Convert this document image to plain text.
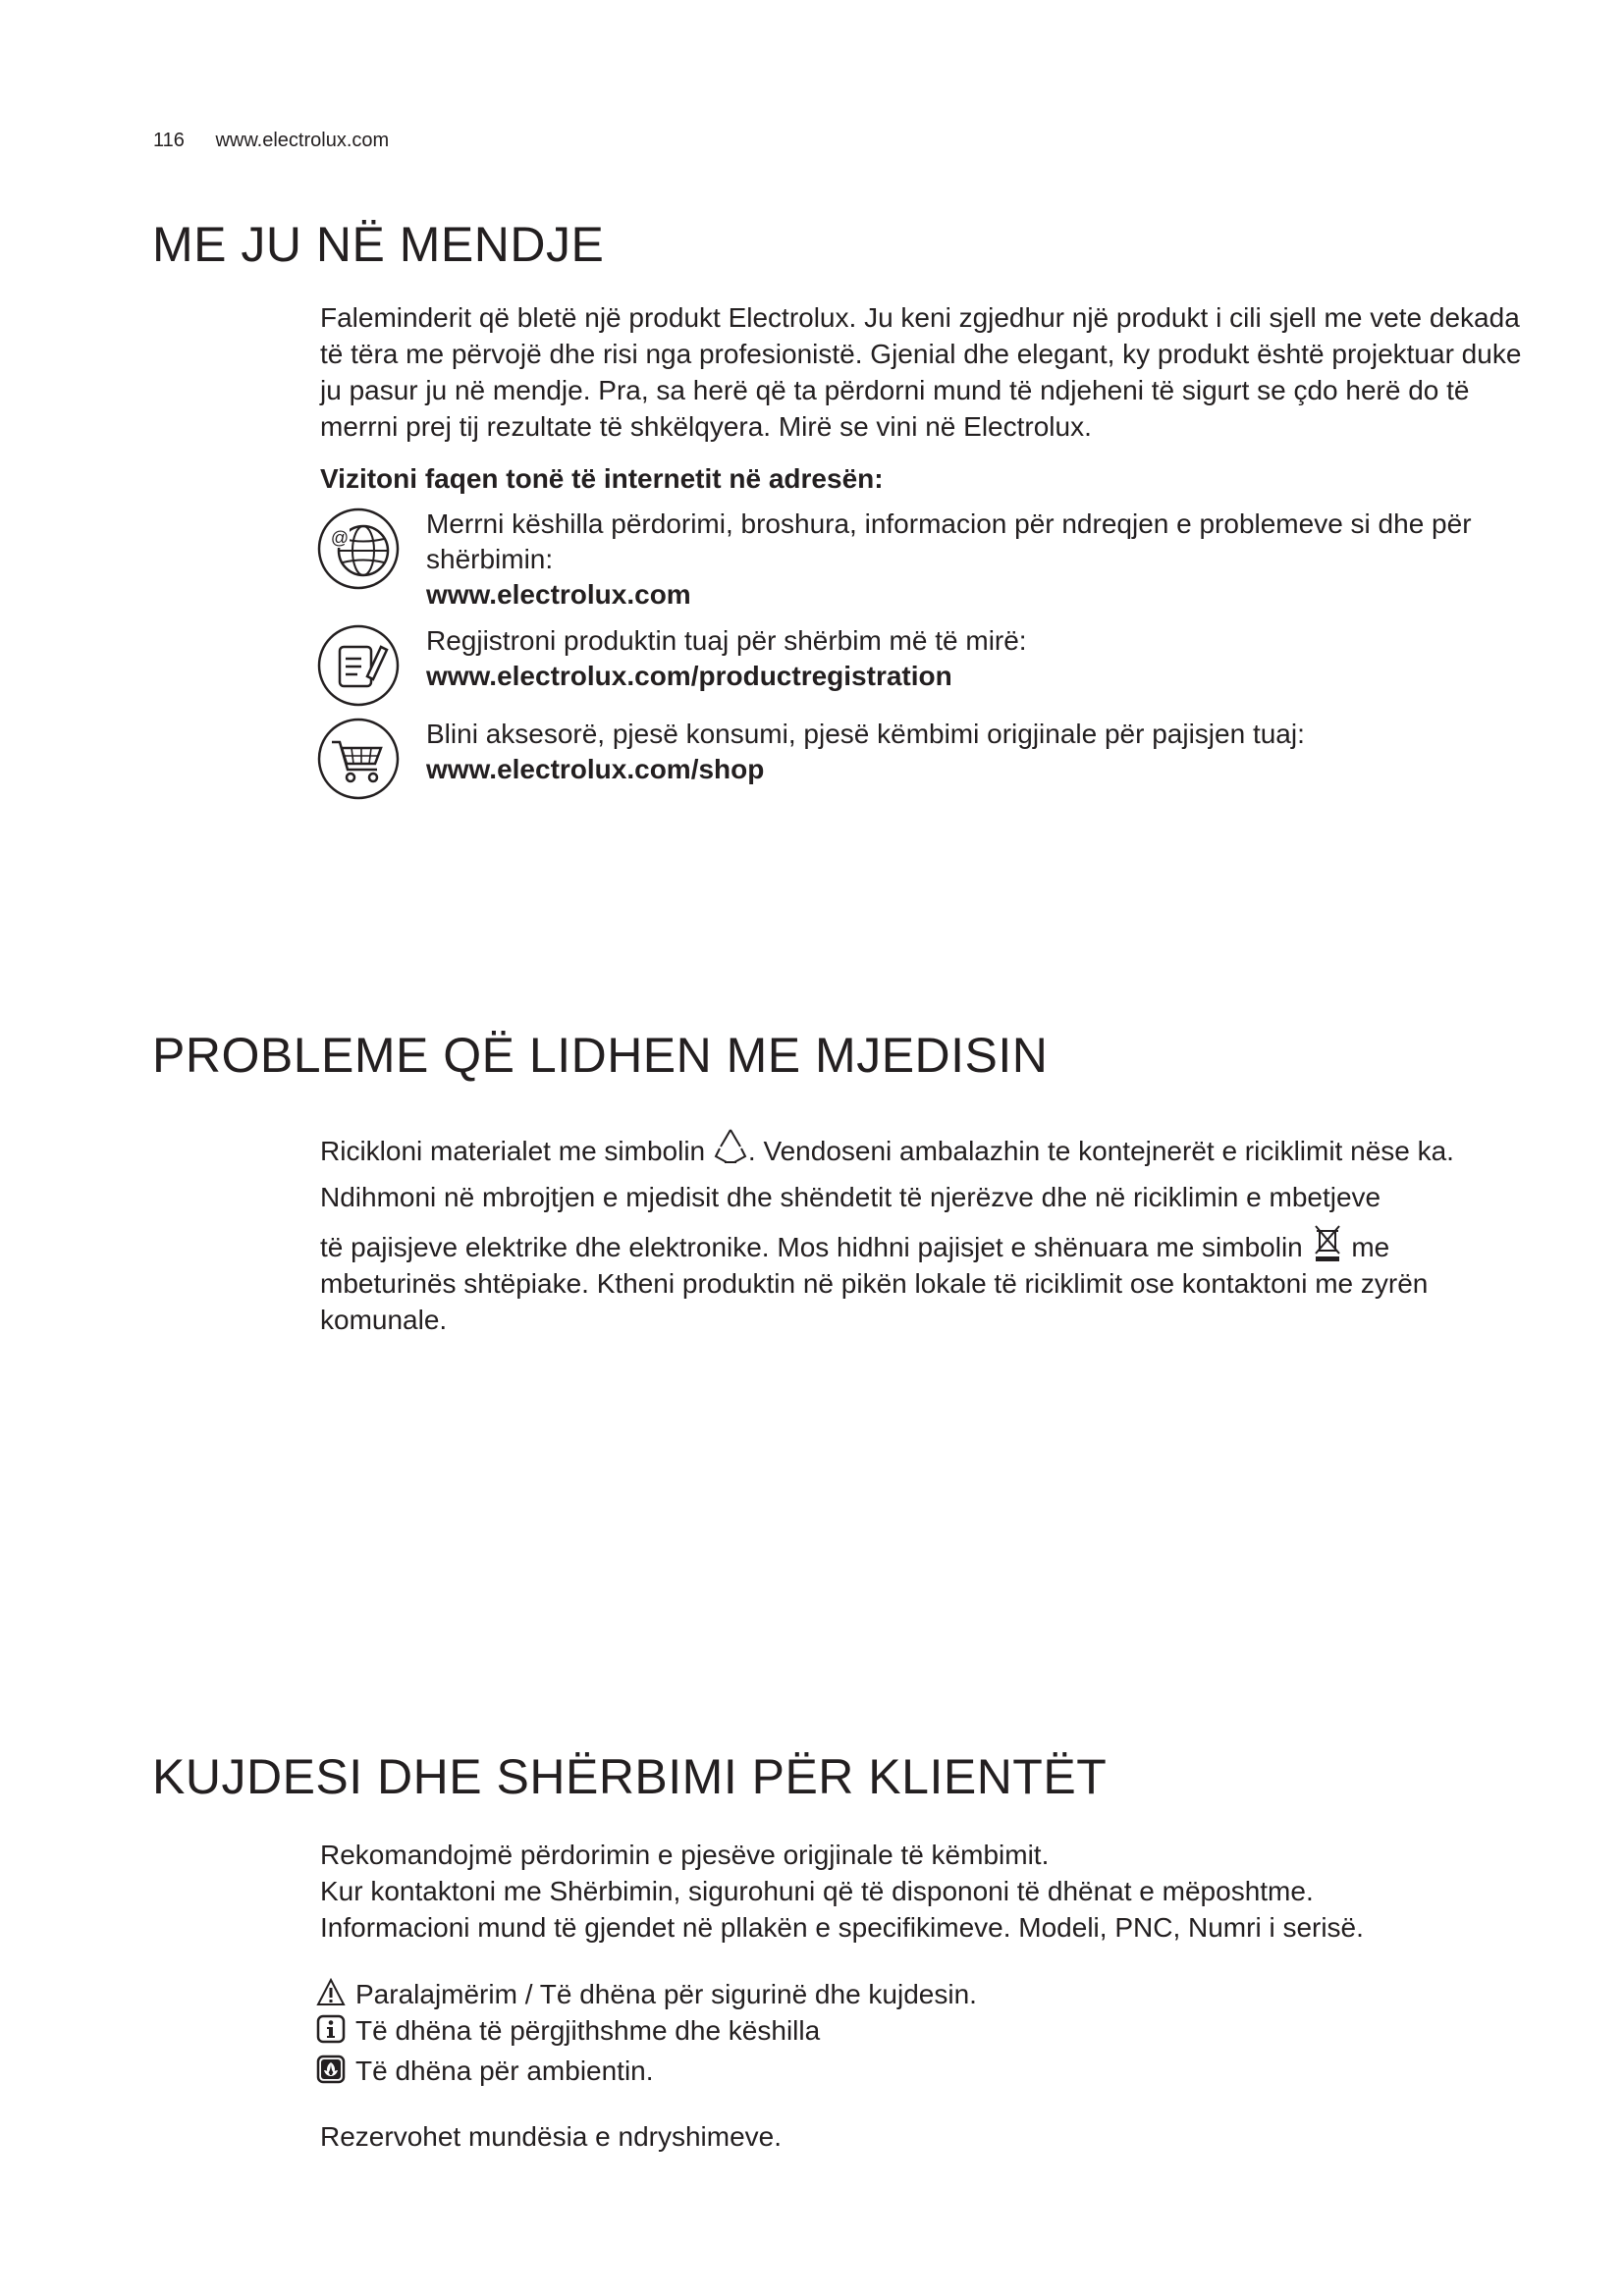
116 www.electrolux.com
ME JU NË MENDJE

Faleminderit që bletë një produkt Electrolux. Ju keni zgjedhur një produkt i cili sjell me vete dekada të tëra me përvojë dhe risi nga profesionistë. Gjenial dhe elegant, ky produkt është projektuar duke ju pasur ju në mendje. Pra, sa herë që ta përdorni mund të ndjeheni të sigurt se çdo herë do të merrni prej tij rezultate të shkëlqyera. Mirë se vini në Electrolux.

Vizitoni faqen tonë të internetit në adresën:
@	Merrni këshilla përdorimi, broshura, informacion për ndreqjen e problemeve si dhe për shërbimin:
www.electrolux.com
Regjistroni produktin tuaj për shërbim më të mirë:
www.electrolux.com/productregistration
Blini aksesorë, pjesë konsumi, pjesë këmbimi origjinale për pajisjen tuaj:
www.electrolux.com/shop
PROBLEME QË LIDHEN ME MJEDISIN

Ricikloni materialet me simbolin . Vendoseni ambalazhin te kontejnerët e riciklimit nëse ka.

Ndihmoni në mbrojtjen e mjedisit dhe shëndetit të njerëzve dhe në riciklimin e mbetjeve

të pajisjeve elektrike dhe elektronike. Mos hidhni pajisjet e shënuara me simbolin  me mbeturinës shtëpiake. Ktheni produktin në pikën lokale të riciklimit ose kontaktoni me zyrën komunale.

KUJDESI DHE SHËRBIMI PËR KLIENTËT

Rekomandojmë përdorimin e pjesëve origjinale të këmbimit.

Kur kontaktoni me Shërbimin, sigurohuni që të dispononi të dhënat e mëposhtme.

Informacioni mund të gjendet në pllakën e specifikimeve. Modeli, PNC, Numri i serisë.

Paralajmërim / Të dhëna për sigurinë dhe kujdesin.
Të dhëna të përgjithshme dhe këshilla
Të dhëna për ambientin.
Rezervohet mundësia e ndryshimeve.
